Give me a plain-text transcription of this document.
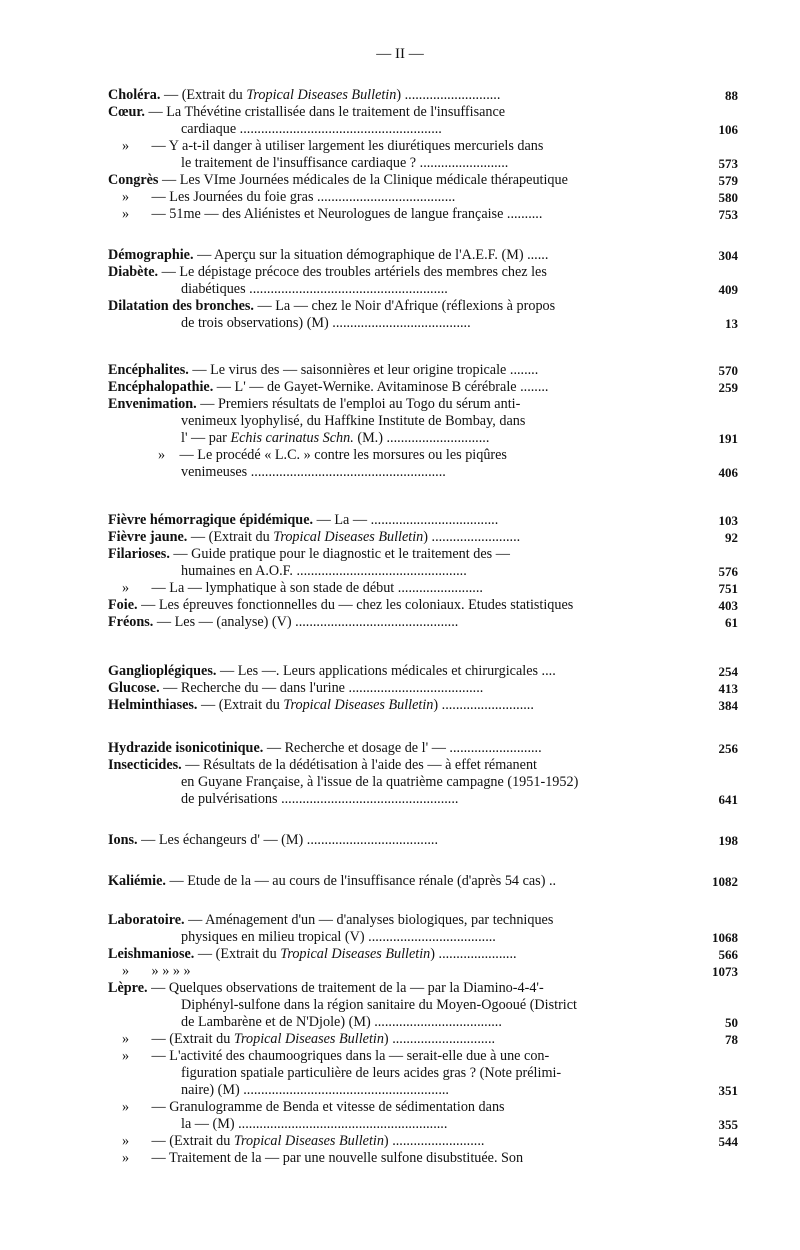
— II —
Choléra. — (Extrait du Tropical Diseases Bulletin) ...........................	88
Cœur. — La Thévétine cristallisée dans le traitement de l'insuffisance
cardiaque .........................................................	106
» — Y a-t-il danger à utiliser largement les diurétiques mercuriels dans
le traitement de l'insuffisance cardiaque ? .........................	573
Congrès — Les VIme Journées médicales de la Clinique médicale thérapeutique	579
» — Les Journées du foie gras .......................................	580
» — 51me — des Aliénistes et Neurologues de langue française ..........	753
Démographie. — Aperçu sur la situation démographique de l'A.E.F. (M) ......	304
Diabète. — Le dépistage précoce des troubles artériels des membres chez les
diabétiques ........................................................	409
Dilatation des bronches. — La — chez le Noir d'Afrique (réflexions à propos
de trois observations) (M) .......................................	13
Encéphalites. — Le virus des — saisonnières et leur origine tropicale ........	570
Encéphalopathie. — L' — de Gayet-Wernike. Avitaminose B cérébrale ........	259
Envenimation. — Premiers résultats de l'emploi au Togo du sérum anti-
venimeux lyophylisé, du Haffkine Institute de Bombay, dans
l' — par Echis carinatus Schn. (M.) .............................	191
» — Le procédé « L.C. » contre les morsures ou les piqûres
venimeuses .......................................................	406
Fièvre hémorragique épidémique. — La — ....................................	103
Fièvre jaune. — (Extrait du Tropical Diseases Bulletin) .........................	92
Filarioses. — Guide pratique pour le diagnostic et le traitement des —
humaines en A.O.F. ................................................	576
» — La — lymphatique à son stade de début ........................	751
Foie. — Les épreuves fonctionnelles du — chez les coloniaux. Etudes statistiques	403
Fréons. — Les — (analyse) (V) ..............................................	61
Ganglioplégiques. — Les —. Leurs applications médicales et chirurgicales ....	254
Glucose. — Recherche du — dans l'urine ......................................	413
Helminthiases. — (Extrait du Tropical Diseases Bulletin) ..........................	384
Hydrazide isonicotinique. — Recherche et dosage de l' — ..........................	256
Insecticides. — Résultats de la dédétisation à l'aide des — à effet rémanent
en Guyane Française, à l'issue de la quatrième campagne (1951-1952)
de pulvérisations ..................................................	641
Ions. — Les échangeurs d' — (M) .....................................	198
Kaliémie. — Etude de la — au cours de l'insuffisance rénale (d'après 54 cas) ..	1082
Laboratoire. — Aménagement d'un — d'analyses biologiques, par techniques
physiques en milieu tropical (V) ....................................	1068
Leishmaniose. — (Extrait du Tropical Diseases Bulletin) ......................	566
» » » » »	1073
Lèpre. — Quelques observations de traitement de la — par la Diamino-4-4'-
Diphényl-sulfone dans la région sanitaire du Moyen-Ogooué (District
de Lambarène et de N'Djole) (M) ....................................	50
» — (Extrait du Tropical Diseases Bulletin) .............................	78
» — L'activité des chaumoogriques dans la — serait-elle due à une con-
figuration spatiale particulière de leurs acides gras ? (Note prélimi-
naire) (M) ..........................................................	351
» — Granulogramme de Benda et vitesse de sédimentation dans
la — (M) ...........................................................	355
» — (Extrait du Tropical Diseases Bulletin) ..........................	544
» — Traitement de la — par une nouvelle sulfone disubstituée. Son
